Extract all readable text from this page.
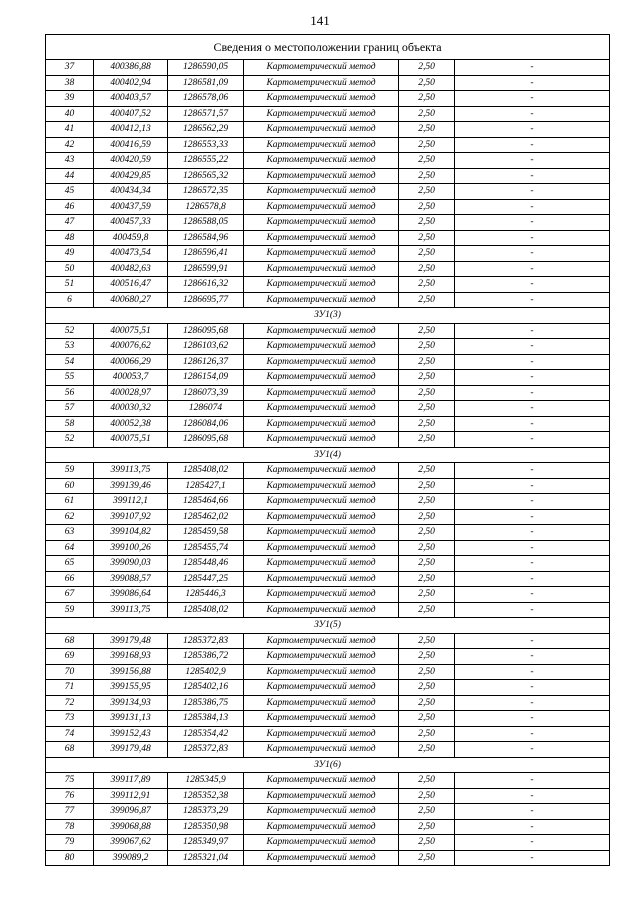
141
Сведения о местоположении границ объекта					
37	400386,88	1286590,05	Картометрический метод	2,50	-
38	400402,94	1286581,09	Картометрический метод	2,50	-
39	400403,57	1286578,06	Картометрический метод	2,50	-
40	400407,52	1286571,57	Картометрический метод	2,50	-
41	400412,13	1286562,29	Картометрический метод	2,50	-
42	400416,59	1286553,33	Картометрический метод	2,50	-
43	400420,59	1286555,22	Картометрический метод	2,50	-
44	400429,85	1286565,32	Картометрический метод	2,50	-
45	400434,34	1286572,35	Картометрический метод	2,50	-
46	400437,59	1286578,8	Картометрический метод	2,50	-
47	400457,33	1286588,05	Картометрический метод	2,50	-
48	400459,8	1286584,96	Картометрический метод	2,50	-
49	400473,54	1286596,41	Картометрический метод	2,50	-
50	400482,63	1286599,91	Картометрический метод	2,50	-
51	400516,47	1286616,32	Картометрический метод	2,50	-
6	400680,27	1286695,77	Картометрический метод	2,50	-
ЗУ1(3)					
52	400075,51	1286095,68	Картометрический метод	2,50	-
53	400076,62	1286103,62	Картометрический метод	2,50	-
54	400066,29	1286126,37	Картометрический метод	2,50	-
55	400053,7	1286154,09	Картометрический метод	2,50	-
56	400028,97	1286073,39	Картометрический метод	2,50	-
57	400030,32	1286074	Картометрический метод	2,50	-
58	400052,38	1286084,06	Картометрический метод	2,50	-
52	400075,51	1286095,68	Картометрический метод	2,50	-
ЗУ1(4)					
59	399113,75	1285408,02	Картометрический метод	2,50	-
60	399139,46	1285427,1	Картометрический метод	2,50	-
61	399112,1	1285464,66	Картометрический метод	2,50	-
62	399107,92	1285462,02	Картометрический метод	2,50	-
63	399104,82	1285459,58	Картометрический метод	2,50	-
64	399100,26	1285455,74	Картометрический метод	2,50	-
65	399090,03	1285448,46	Картометрический метод	2,50	-
66	399088,57	1285447,25	Картометрический метод	2,50	-
67	399086,64	1285446,3	Картометрический метод	2,50	-
59	399113,75	1285408,02	Картометрический метод	2,50	-
ЗУ1(5)					
68	399179,48	1285372,83	Картометрический метод	2,50	-
69	399168,93	1285386,72	Картометрический метод	2,50	-
70	399156,88	1285402,9	Картометрический метод	2,50	-
71	399155,95	1285402,16	Картометрический метод	2,50	-
72	399134,93	1285386,75	Картометрический метод	2,50	-
73	399131,13	1285384,13	Картометрический метод	2,50	-
74	399152,43	1285354,42	Картометрический метод	2,50	-
68	399179,48	1285372,83	Картометрический метод	2,50	-
ЗУ1(6)					
75	399117,89	1285345,9	Картометрический метод	2,50	-
76	399112,91	1285352,38	Картометрический метод	2,50	-
77	399096,87	1285373,29	Картометрический метод	2,50	-
78	399068,88	1285350,98	Картометрический метод	2,50	-
79	399067,62	1285349,97	Картометрический метод	2,50	-
80	399089,2	1285321,04	Картометрический метод	2,50	-
